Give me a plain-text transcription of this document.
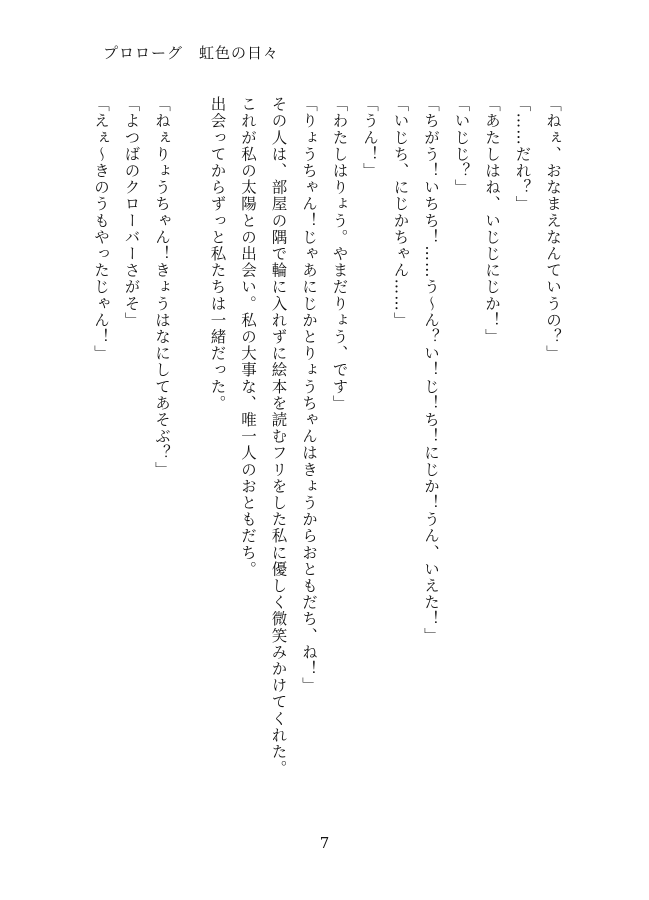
プロローグ　虹色の日々
「ねぇ、おなまえなんていうの？」
「……だれ？」
「あたしはね、いじじにじか！」
「いじじ？」
「ちがう！いちち！……う〜ん？い！じ！ち！にじか！うん、いえた！」
「いじち、にじかちゃん……」
「うん！」
「わたしはりょう。やまだりょう、です」
「りょうちゃん！じゃあにじかとりょうちゃんはきょうからおともだち、ね！」
その人は、部屋の隅で輪に入れずに絵本を読むフリをした私に優しく微笑みかけてくれた。
これが私の太陽との出会い。私の大事な、唯一人のおともだち。
出会ってからずっと私たちは一緒だった。
「ねぇりょうちゃん！きょうはなにしてあそぶ？」
「よつばのクローバーさがそ」
「えぇ〜きのうもやったじゃん！」
7
